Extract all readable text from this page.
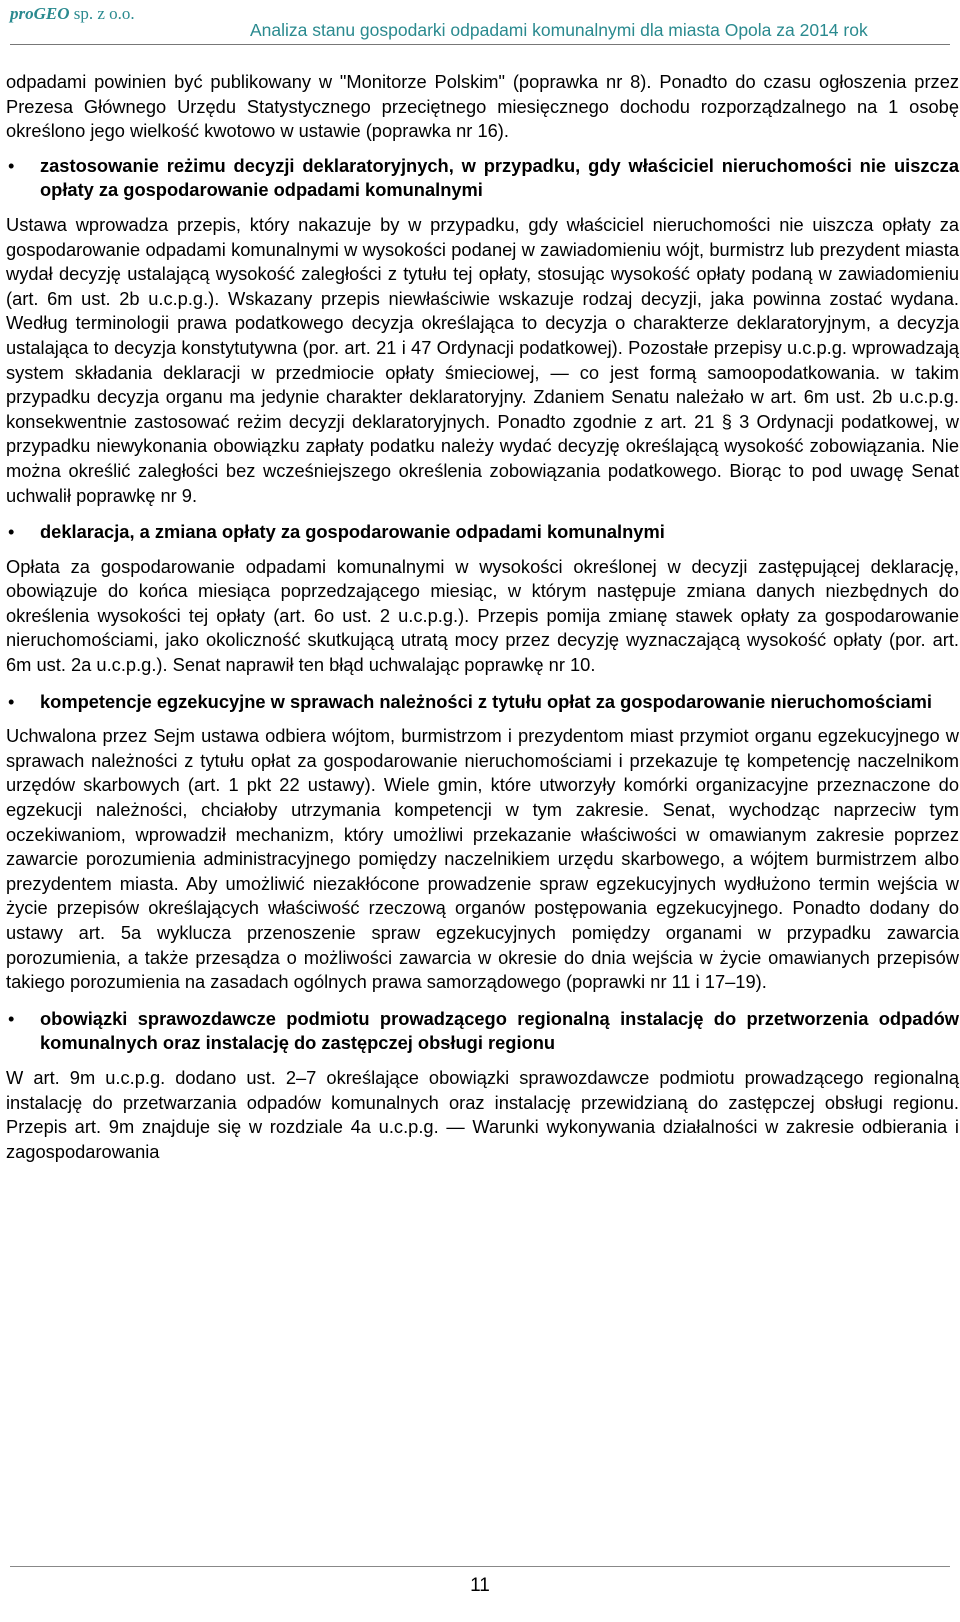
proGEO sp. z o.o.
Analiza stanu gospodarki odpadami komunalnymi dla miasta Opola za 2014 rok

odpadami powinien być publikowany w "Monitorze Polskim" (poprawka nr 8). Ponadto do czasu ogłoszenia przez Prezesa Głównego Urzędu Statystycznego przeciętnego miesięcznego dochodu rozporządzalnego na 1 osobę określono jego wielkość kwotowo w ustawie (poprawka nr 16).

• zastosowanie reżimu decyzji deklaratoryjnych, w przypadku, gdy właściciel nieruchomości nie uiszcza opłaty za gospodarowanie odpadami komunalnymi

Ustawa wprowadza przepis, który nakazuje by w przypadku, gdy właściciel nieruchomości nie uiszcza opłaty za gospodarowanie odpadami komunalnymi w wysokości podanej w zawiadomieniu wójt, burmistrz lub prezydent miasta wydał decyzję ustalającą wysokość zaległości z tytułu tej opłaty, stosując wysokość opłaty podaną w zawiadomieniu (art. 6m ust. 2b u.c.p.g.). Wskazany przepis niewłaściwie wskazuje rodzaj decyzji, jaka powinna zostać wydana. Według terminologii prawa podatkowego decyzja określająca to decyzja o charakterze deklaratoryjnym, a decyzja ustalająca to decyzja konstytutywna (por. art. 21 i 47 Ordynacji podatkowej). Pozostałe przepisy u.c.p.g. wprowadzają system składania deklaracji w przedmiocie opłaty śmieciowej, — co jest formą samoopodatkowania. w takim przypadku decyzja organu ma jedynie charakter deklaratoryjny. Zdaniem Senatu należało w art. 6m ust. 2b u.c.p.g. konsekwentnie zastosować reżim decyzji deklaratoryjnych. Ponadto zgodnie z art. 21 § 3 Ordynacji podatkowej, w przypadku niewykonania obowiązku zapłaty podatku należy wydać decyzję określającą wysokość zobowiązania. Nie można określić zaległości bez wcześniejszego określenia zobowiązania podatkowego. Biorąc to pod uwagę Senat uchwalił poprawkę nr 9.

• deklaracja, a zmiana opłaty za gospodarowanie odpadami komunalnymi

Opłata za gospodarowanie odpadami komunalnymi w wysokości określonej w decyzji zastępującej deklarację, obowiązuje do końca miesiąca poprzedzającego miesiąc, w którym następuje zmiana danych niezbędnych do określenia wysokości tej opłaty (art. 6o ust. 2 u.c.p.g.). Przepis pomija zmianę stawek opłaty za gospodarowanie nieruchomościami, jako okoliczność skutkującą utratą mocy przez decyzję wyznaczającą wysokość opłaty (por. art. 6m ust. 2a u.c.p.g.). Senat naprawił ten błąd uchwalając poprawkę nr 10.

• kompetencje egzekucyjne w sprawach należności z tytułu opłat za gospodarowanie nieruchomościami

Uchwalona przez Sejm ustawa odbiera wójtom, burmistrzom i prezydentom miast przymiot organu egzekucyjnego w sprawach należności z tytułu opłat za gospodarowanie nieruchomościami i przekazuje tę kompetencję naczelnikom urzędów skarbowych (art. 1 pkt 22 ustawy). Wiele gmin, które utworzyły komórki organizacyjne przeznaczone do egzekucji należności, chciałoby utrzymania kompetencji w tym zakresie. Senat, wychodząc naprzeciw tym oczekiwaniom, wprowadził mechanizm, który umożliwi przekazanie właściwości w omawianym zakresie poprzez zawarcie porozumienia administracyjnego pomiędzy naczelnikiem urzędu skarbowego, a wójtem burmistrzem albo prezydentem miasta. Aby umożliwić niezakłócone prowadzenie spraw egzekucyjnych wydłużono termin wejścia w życie przepisów określających właściwość rzeczową organów postępowania egzekucyjnego. Ponadto dodany do ustawy art. 5a wyklucza przenoszenie spraw egzekucyjnych pomiędzy organami w przypadku zawarcia porozumienia, a także przesądza o możliwości zawarcia w okresie do dnia wejścia w życie omawianych przepisów takiego porozumienia na zasadach ogólnych prawa samorządowego (poprawki nr 11 i 17–19).

• obowiązki sprawozdawcze podmiotu prowadzącego regionalną instalację do przetworzenia odpadów komunalnych oraz instalację do zastępczej obsługi regionu

W art. 9m u.c.p.g. dodano ust. 2–7 określające obowiązki sprawozdawcze podmiotu prowadzącego regionalną instalację do przetwarzania odpadów komunalnych oraz instalację przewidzianą do zastępczej obsługi regionu. Przepis art. 9m znajduje się w rozdziale 4a u.c.p.g. — Warunki wykonywania działalności w zakresie odbierania i zagospodarowania

11
